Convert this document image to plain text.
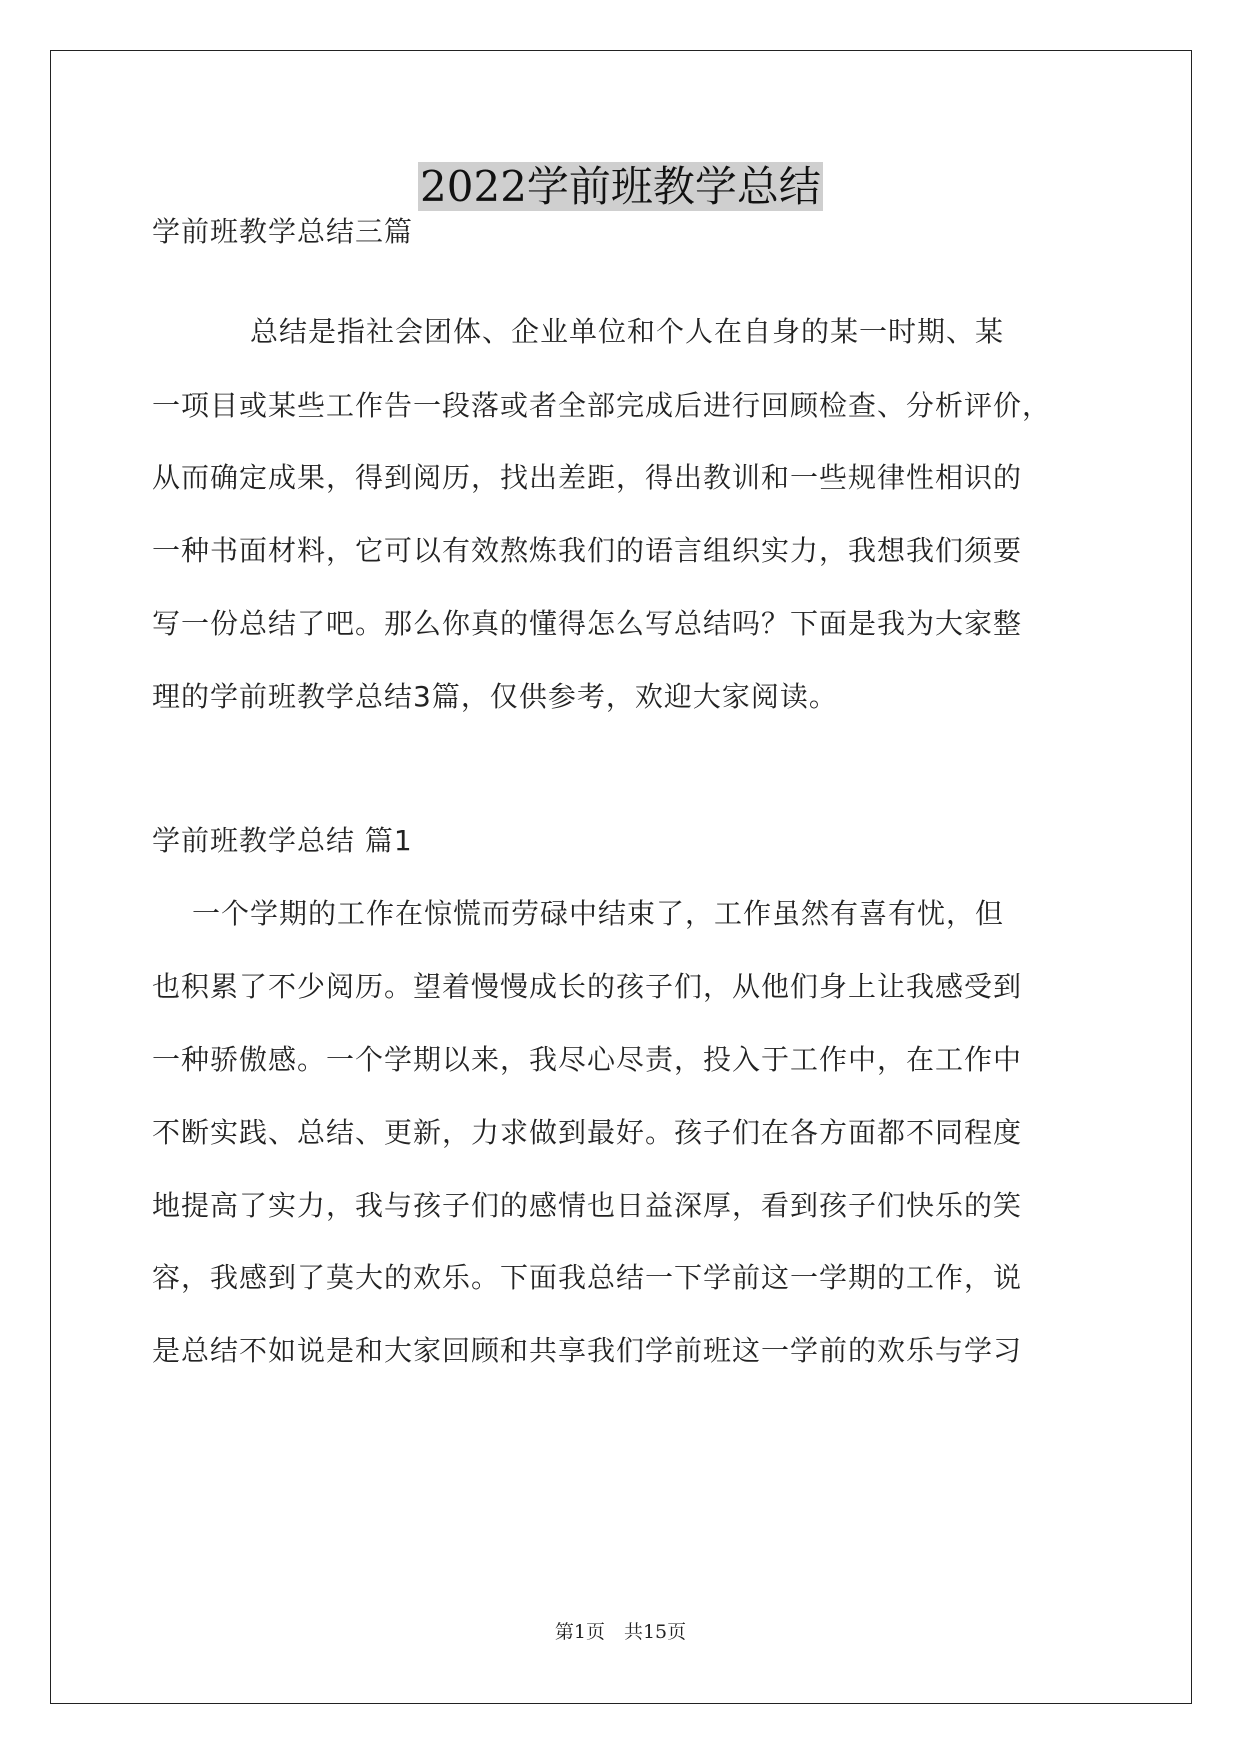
2022学前班教学总结
学前班教学总结三篇
总结是指社会团体、企业单位和个人在自身的某一时期、某
一项目或某些工作告一段落或者全部完成后进行回顾检查、分析评价，
从而确定成果，得到阅历，找出差距，得出教训和一些规律性相识的
一种书面材料，它可以有效熬炼我们的语言组织实力，我想我们须要
写一份总结了吧。那么你真的懂得怎么写总结吗？下面是我为大家整
理的学前班教学总结3篇，仅供参考，欢迎大家阅读。
学前班教学总结 篇1
一个学期的工作在惊慌而劳碌中结束了，工作虽然有喜有忧，但
也积累了不少阅历。望着慢慢成长的孩子们，从他们身上让我感受到
一种骄傲感。一个学期以来，我尽心尽责，投入于工作中，在工作中
不断实践、总结、更新，力求做到最好。孩子们在各方面都不同程度
地提高了实力，我与孩子们的感情也日益深厚，看到孩子们快乐的笑
容，我感到了莫大的欢乐。下面我总结一下学前这一学期的工作，说
是总结不如说是和大家回顾和共享我们学前班这一学前的欢乐与学习
第1页　共15页
